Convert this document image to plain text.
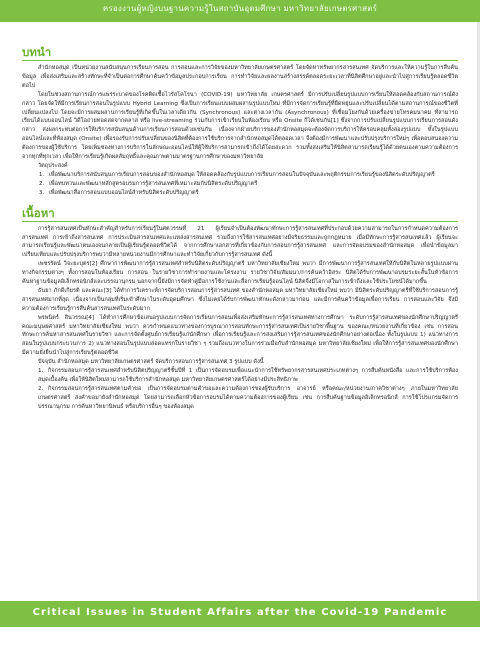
ครองงานผู้หญิงบนฐานความรู้ในสถาบันอุดมศึกษา มหาวิทยาลัยเกษตรศาสตร์
บทนำ

สำนักหอสมุด เป็นหน่วยงานสนับสนุนการเรียนการสอน การสอนและการวิจัยของมหาวิทยาลัยเกษตรศาสตร์ โดยจัดหาทรัพยากรสารสนเทศ จัดบริการและให้ความรู้ในการสืบค้นข้อมูล เพื่อส่งเสริมและสร้างทักษะที่จำเป็นต่อการศึกษาค้นคว้าข้อมูลประกอบการเรียน การทำวิจัยและผลงานสร้างสรรค์ตลอดระยะเวลาที่นิสิตศึกษาอยู่และนำไปสู่การเรียนรู้ตลอดชีวิตต่อไป

โดยในช่วงสถานการณ์การแพร่ระบาดของโรคติดเชื้อไวรัสโคโรนา (COVID-19) มหาวิทยาลัย เกษตรศาสตร์ มีการปรับเปลี่ยนรูปแบบการเรียนให้สอดคล้องกับสถานการณ์ดังกล่าว โดยจัดให้มีการเรียนการสอนในรูปแบบ Hybrid Learning ซึ่งเป็นการเรียนแบบผสมผสานรูปแบบใหม่ ที่มีการจัดการเรียนรู้ที่ยืดหยุ่นและปรับเปลี่ยนได้ตามสถานการณ์ของชีวิตที่เปลี่ยนแปลงไป โดยจะมีการผสมผสานการเรียนรู้ที่เกิดขึ้นในเวลาเดียวกัน (Synchronous) และต่างเวลากัน (Asynchronous) ที่เชื่อมโยงกันด้วยเครื่องข่ายโทรคมนาคม ที่สามารถเรียนได้แบบออนไลน์ วิดีโอถ่ายทอดสดจากคลาส หรือ live-streaming ร่วมกับการเข้าเรียนในห้องเรียน หรือ Onsite ก็ได้เช่นกัน[1] ซึ่งจากการปรับเปลี่ยนรูปแบบการเรียนการสอนดังกล่าว ส่งผลกระทบต่อการให้บริการสนับสนุนด้านการเรียนการสอนด้วยเช่นกัน เนื่องจากฝ่ายบริการของสำนักหอสมุดจะต้องจัดการบริการให้ครอบคลุมทั้งสองรูปแบบ ทั้งในรูปแบบออนไลน์และที่ห้องสมุด (Onsite) เพื่อรองรับการปรับเปลี่ยนของนิสิตที่ต้องการใช้บริการจากสำนักหอสมุดได้ตลอดเวลา จึงต้องมีการพัฒนาและปรับปรุงบริการใหม่ๆ เพื่อตอบสนองความต้องการของผู้ใช้บริการ โดยเพิ่มช่องทางการบริการในลักษณะออนไลน์ให้ผู้ใช้บริการสามารถเข้าถึงได้โดยสะดวก รวมทั้งส่งเสริมให้นิสิตสามารถเรียนรู้ได้ด้วยตนเองตามความต้องการจากทุกที่ทุกเวลา เพื่อให้การเรียนรู้เกิดผลสัมฤทธิ์และคุณภาพตามมาตรฐานการศึกษาของมหาวิทยาลัย

วัตถุประสงค์
1. เพื่อพัฒนาบริการสนับสนุนการเรียนการสอนของสำนักหอสมุด ให้สอดคล้องกับรูปแบบการเรียนการสอนในปัจจุบันและพฤติกรรมการเรียนรู้ของนิสิตระดับปริญญาตรี
2. เพื่อทบทวนและพัฒนาหลักสูตรอบรมการรู้สารสนเทศที่เหมาะสมกับนิสิตระดับปริญญาตรี
3. เพื่อพัฒนาสื่อการสอนแบบออนไลน์สำหรับนิสิตระดับปริญญาตรี
เนื้อหา

การรู้สารสนเทศเป็นทักษะสำคัญสำหรับการเรียนรู้ในศตวรรษที่ 21 ผู้เรียนจำเป็นต้องพัฒนาทักษะการรู้สารสนเทศที่ประกอบด้วยความสามารถในการกำหนดความต้องการสารสนเทศ การเข้าถึงสารสนเทศ การประเมินสารสนเทศและแหล่งสารสนเทศ รวมถึงการใช้สารสนเทศอย่างมีจริยธรรมและถูกกฎหมาย เมื่อมีทักษะการรู้สารสนเทศแล้ว ผู้เรียนจะสามารถเรียนรู้และพัฒนาตนเองจนกลายเป็นผู้เรียนรู้ตลอดชีวิตได้ จากการศึกษาเอกสารที่เกี่ยวข้องกับการสอนการรู้สารสนเทศ และการจัดอบรมของสำนักหอสมุด เพื่อนำข้อมูลมาเปรียบเทียบและปรับปรุงบริการพบว่ามีหลายหน่วยงานมีการศึกษาและทำวิจัยเกี่ยวกับการรู้สารสนเทศ ดังนี้

เพชรรัตน์ วิจะยะบุตร[2] ศึกษาการพัฒนาการรู้สารสนเทศสำหรับนิสิตระดับปริญญาตรี มหาวิทยาลัยเชียงใหม่ พบว่า มีการพัฒนาการรู้สารสนเทศให้กับนิสิตในหลายรูปแบบผ่านทางกิจกรรมต่างๆ ทั้งการสอนในห้องเรียน การสอน ในรายวิชาการทำรายงานและโครงงาน รายวิชาวิจัย/สัมมนา/การค้นคว้าอิสระ นิสิตได้รับการพัฒนาอบรมระยะสั้นในหัวข้อการค้นหาฐานข้อมูลอิเล็กทรอนิกส์และบรรณานุกรม นอกจากนี้ยังมีการจัดทำคู่มือการใช้งานและสื่อการเรียนรู้ออนไลน์ นิสิตจึงมีโอกาสในการเข้าถึงและใช้ประโยชน์ได้มากขึ้น

ธันยา ภักดีเกียรติ และคณะ[3] ได้ทำการวิเคราะห์การจัดบริการสอนการรู้สารสนเทศ ของสำนักหอสมุด มหาวิทยาลัยเชียงใหม่ พบว่า มีนิสิตระดับปริญญาตรีที่ใช้บริการสอนการรู้สารสนเทศมากที่สุด เนื่องจากเป็นกลุ่มที่เริ่มเข้าศึกษาในระดับอุดมศึกษา ซึ่งไม่เคยได้รับการพัฒนาทักษะดังกล่าวมาก่อน และมีการค้นคว้าข้อมูลเพื่อการเรียน การสอนและวิจัย จึงมีความต้องการเรียนรู้การสืบค้นสารสนเทศในระดับมาก

พรพนิตร์ สินวรรณ[4] ได้ทำการศึกษาข้อเสนอรูปแบบการจัดการเรียนการสอนเพื่อส่งเสริมทักษะการรู้สารสนเทศทางการศึกษา ระดับการรู้สารสนเทศของนักศึกษาปริญญาตรี คณะมนุษยศาสตร์ มหาวิทยาลัยเชียงใหม่ พบว่า ควรกำหนดแนวทางของการบูรณาการสอนทักษะการรู้สารสนเทศเป็นรายวิชาพื้นฐาน ของคณะ/หน่วยงานที่เกี่ยวข้อง เช่น การสอนทักษะการค้นหาสารสนเทศในรายวิชา และการจัดตั้งศูนย์การเรียนรู้แก่นักศึกษา เพื่อการเรียนรู้และการส่งเสริมการรู้สารสนเทศของนักศึกษาอย่างต่อเนื่อง ทั้งในรูปแบบ 1) แนวทางการสอนในรูปแบบกระบวนการ 2) แนวทางสอนในรูปแบบสอดแทรกในรายวิชา ๆ รวมถึงแนวทางในการร่วมมือกับสำนักหอสมุด มหาวิทยาลัยเชียงใหม่ เพื่อให้การรู้สารสนเทศของนักศึกษามีความยั่งยืนนำไปสู่การเรียนรู้ตลอดชีวิต

ปัจจุบัน สำนักหอสมุด มหาวิทยาลัยเกษตรศาสตร์ จัดบริการสอนการรู้สารสนเทศ 3 รูปแบบ ดังนี้

1. กิจกรรมสอนการรู้สารสนเทศสำหรับนิสิตปริญญาตรีชั้นปีที่ 1 เป็นการจัดอบรมเพื่อแนะนำการใช้ทรัพยากรสารสนเทศประเภทต่างๆ การสืบค้นหนังสือ และการใช้บริการห้องสมุดเบื้องต้น เพื่อให้นิสิตใหม่สามารถใช้บริการสำนักหอสมุด มหาวิทยาลัยเกษตรศาสตร์ได้อย่างมีประสิทธิภาพ
2. กิจกรรมสอนการรู้สารสนเทศตามคำขอ เป็นการจัดอบรมตามคำขอและความต้องการของผู้รับบริการ อาจารย์ หรือคณะ/หน่วยงาน/ภาควิชาต่างๆ ภายในมหาวิทยาลัยเกษตรศาสตร์ ส่งคำขอมายังสำนักหอสมุด โดยสามารถเลือกหัวข้อการอบรมได้ตามความต้องการของผู้เรียน เช่น การสืบค้นฐานข้อมูลอิเล็กทรอนิกส์ การใช้โปรแกรมจัดการบรรณานุกรม การค้นหาวิทยานิพนธ์ หรือบริการอื่นๆ ของห้องสมุด
Critical Issues in Student Affairs after the Covid-19 Pandemic
